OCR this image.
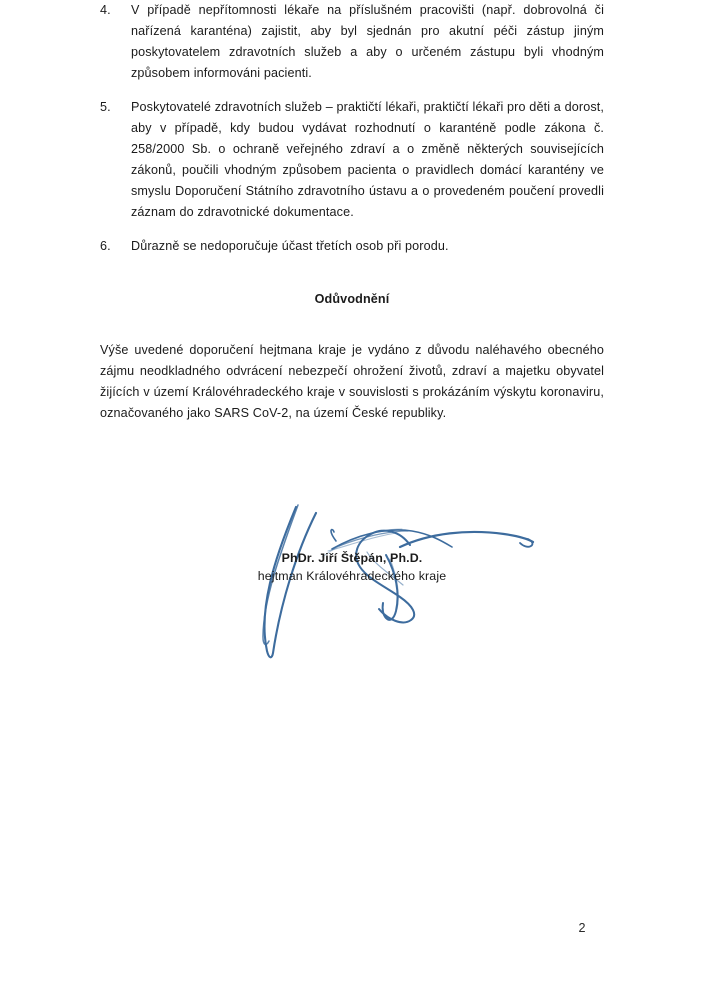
4.	V případě nepřítomnosti lékaře na příslušném pracovišti (např. dobrovolná či nařízená karanténa) zajistit, aby byl sjednán pro akutní péči zástup jiným poskytovatelem zdravotních služeb a aby o určeném zástupu byli vhodným způsobem informováni pacienti.
5.	Poskytovatelé zdravotních služeb – praktičtí lékaři, praktičtí lékaři pro děti a dorost, aby v případě, kdy budou vydávat rozhodnutí o karanténě podle zákona č. 258/2000 Sb. o ochraně veřejného zdraví a o změně některých souvisejících zákonů, poučili vhodným způsobem pacienta o pravidlech domácí karantény ve smyslu Doporučení Státního zdravotního ústavu a o provedeném poučení provedli záznam do zdravotnické dokumentace.
6.	Důrazně se nedoporučuje účast třetích osob při porodu.
Odůvodnění

Výše uvedené doporučení hejtmana kraje je vydáno z důvodu naléhavého obecného zájmu neodkladného odvrácení nebezpečí ohrožení životů, zdraví a majetku obyvatel žijících v území Královéhradeckého kraje v souvislosti s prokázáním výskytu koronaviru, označovaného jako SARS CoV-2, na území České republiky.

PhDr. Jiří Štěpán, Ph.D.
hejtman Královéhradeckého kraje
2
